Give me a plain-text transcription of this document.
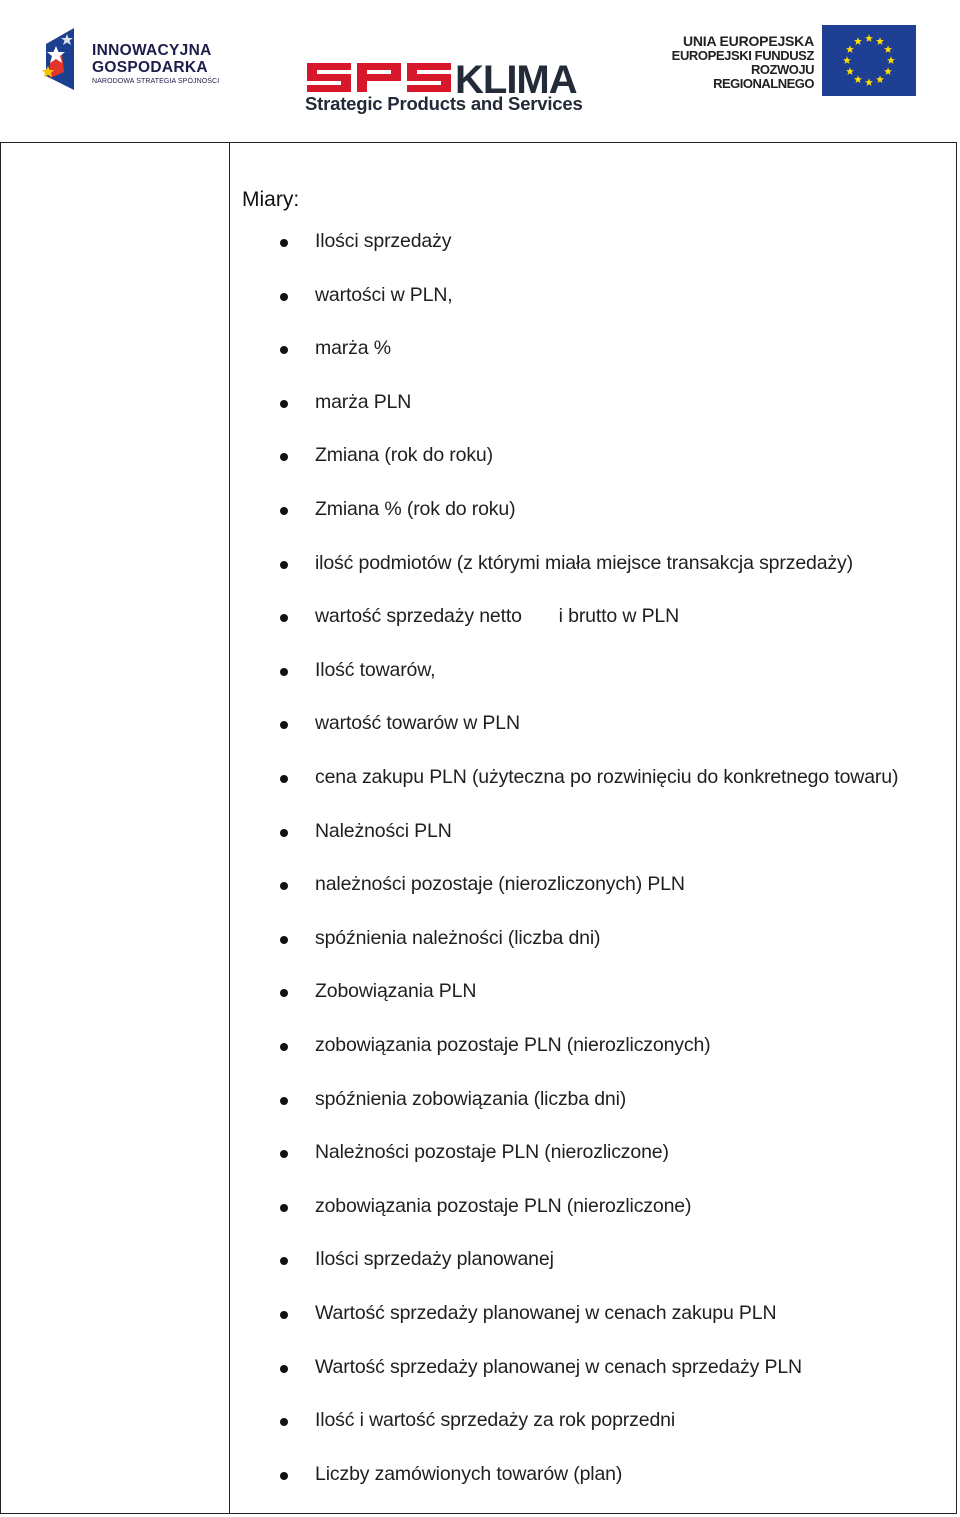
INNOWACYJNA
GOSPODARKA
NARODOWA STRATEGIA SPÓJNOŚCI	KLIMA
Strategic Products and Services
UNIA EUROPEJSKA
EUROPEJSKI FUNDUSZ
ROZWOJU REGIONALNEGO
Miary:
Ilości sprzedaży
wartości w PLN,
marża %
marża PLN
Zmiana (rok do roku)
Zmiana % (rok do roku)
ilość podmiotów (z którymi miała miejsce transakcja sprzedaży)
wartość sprzedaży netto       i brutto w PLN
Ilość towarów,
wartość towarów w PLN
cena zakupu PLN (użyteczna po rozwinięciu do konkretnego towaru)
Należności PLN
należności pozostaje (nierozliczonych) PLN
spóźnienia należności (liczba dni)
Zobowiązania PLN
zobowiązania pozostaje PLN (nierozliczonych)
spóźnienia zobowiązania (liczba dni)
Należności pozostaje PLN (nierozliczone)
zobowiązania pozostaje PLN (nierozliczone)
Ilości sprzedaży planowanej
Wartość sprzedaży planowanej w cenach zakupu PLN
Wartość sprzedaży planowanej w cenach sprzedaży PLN
Ilość i wartość sprzedaży za rok poprzedni
Liczby zamówionych towarów (plan)
